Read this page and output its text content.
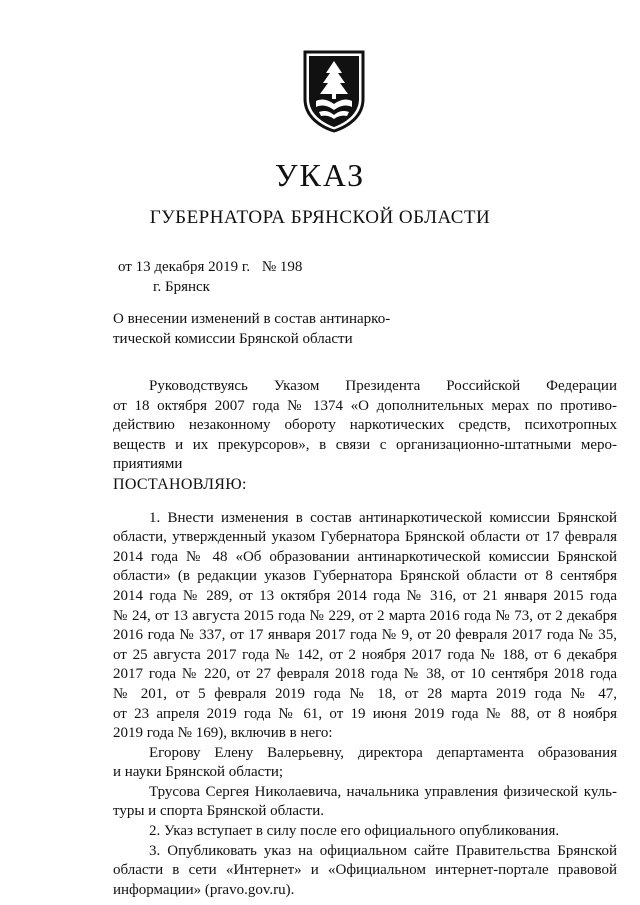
УКАЗ
ГУБЕРНАТОРА БРЯНСКОЙ ОБЛАСТИ
от 13 декабря 2019 г. № 198
г. Брянск
О внесении изменений в состав антинарко-
тической комиссии Брянской области
Руководствуясь Указом Президента Российской Федерации
от 18 октября 2007 года № 1374 «О дополнительных мерах по противо-
действию незаконному обороту наркотических средств, психотропных
веществ и их прекурсоров», в связи с организационно-штатными меро-
приятиями
ПОСТАНОВЛЯЮ:
1. Внести изменения в состав антинаркотической комиссии Брянской
области, утвержденный указом Губернатора Брянской области от 17 февраля
2014 года № 48 «Об образовании антинаркотической комиссии Брянской
области» (в редакции указов Губернатора Брянской области от 8 сентября
2014 года № 289, от 13 октября 2014 года № 316, от 21 января 2015 года
№ 24, от 13 августа 2015 года № 229, от 2 марта 2016 года № 73, от 2 декабря
2016 года № 337, от 17 января 2017 года № 9, от 20 февраля 2017 года № 35,
от 25 августа 2017 года № 142, от 2 ноября 2017 года № 188, от 6 декабря
2017 года № 220, от 27 февраля 2018 года № 38, от 10 сентября 2018 года
№ 201, от 5 февраля 2019 года № 18, от 28 марта 2019 года № 47,
от 23 апреля 2019 года № 61, от 19 июня 2019 года № 88, от 8 ноября
2019 года № 169), включив в него:
Егорову Елену Валерьевну, директора департамента образования
и науки Брянской области;
Трусова Сергея Николаевича, начальника управления физической куль-
туры и спорта Брянской области.
2. Указ вступает в силу после его официального опубликования.
3. Опубликовать указ на официальном сайте Правительства Брянской
области в сети «Интернет» и «Официальном интернет-портале правовой
информации» (pravo.gov.ru).
